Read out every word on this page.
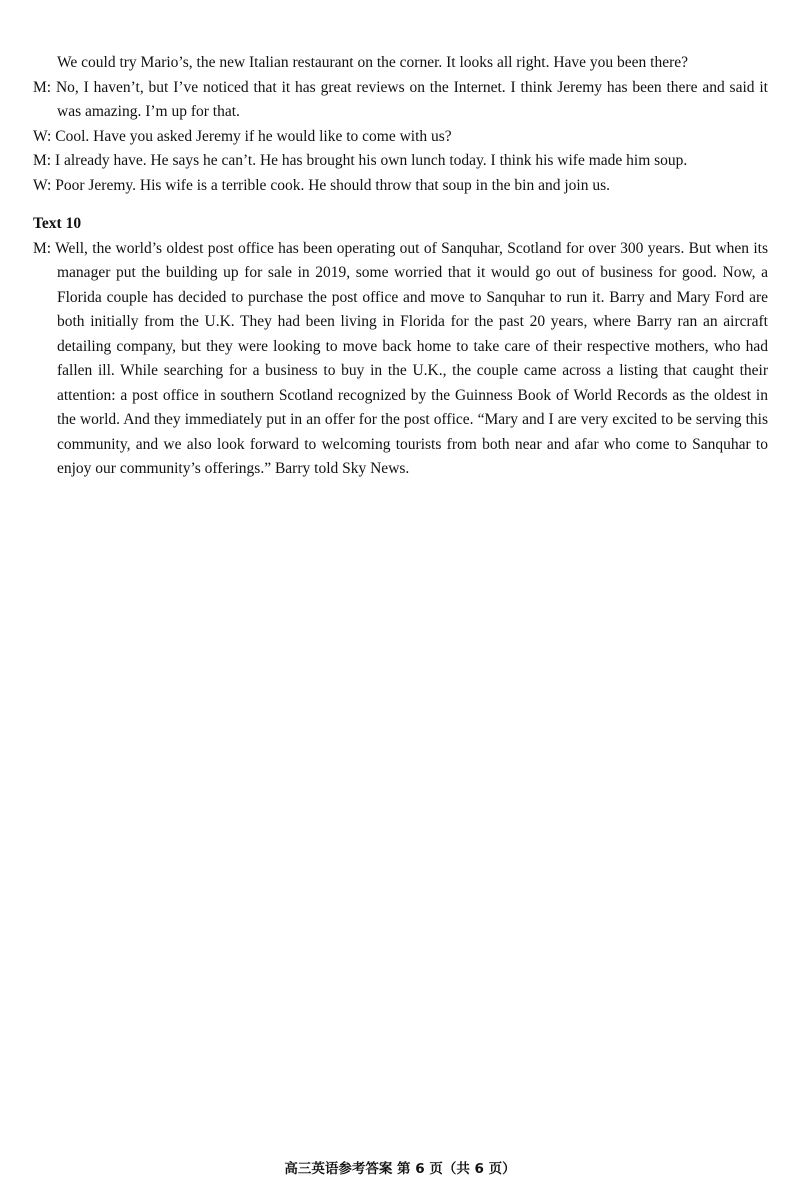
We could try Mario’s, the new Italian restaurant on the corner. It looks all right. Have you been there?

M: No, I haven’t, but I’ve noticed that it has great reviews on the Internet. I think Jeremy has been there and said it was amazing. I’m up for that.

W: Cool. Have you asked Jeremy if he would like to come with us?

M: I already have. He says he can’t. He has brought his own lunch today. I think his wife made him soup.

W: Poor Jeremy. His wife is a terrible cook. He should throw that soup in the bin and join us.

Text 10

M: Well, the world’s oldest post office has been operating out of Sanquhar, Scotland for over 300 years. But when its manager put the building up for sale in 2019, some worried that it would go out of business for good. Now, a Florida couple has decided to purchase the post office and move to Sanquhar to run it. Barry and Mary Ford are both initially from the U.K. They had been living in Florida for the past 20 years, where Barry ran an aircraft detailing company, but they were looking to move back home to take care of their respective mothers, who had fallen ill. While searching for a business to buy in the U.K., the couple came across a listing that caught their attention: a post office in southern Scotland recognized by the Guinness Book of World Records as the oldest in the world. And they immediately put in an offer for the post office. “Mary and I are very excited to be serving this community, and we also look forward to welcoming tourists from both near and afar who come to Sanquhar to enjoy our community’s offerings.” Barry told Sky News.

高三英语参考答案 第 6 页（共 6 页）
